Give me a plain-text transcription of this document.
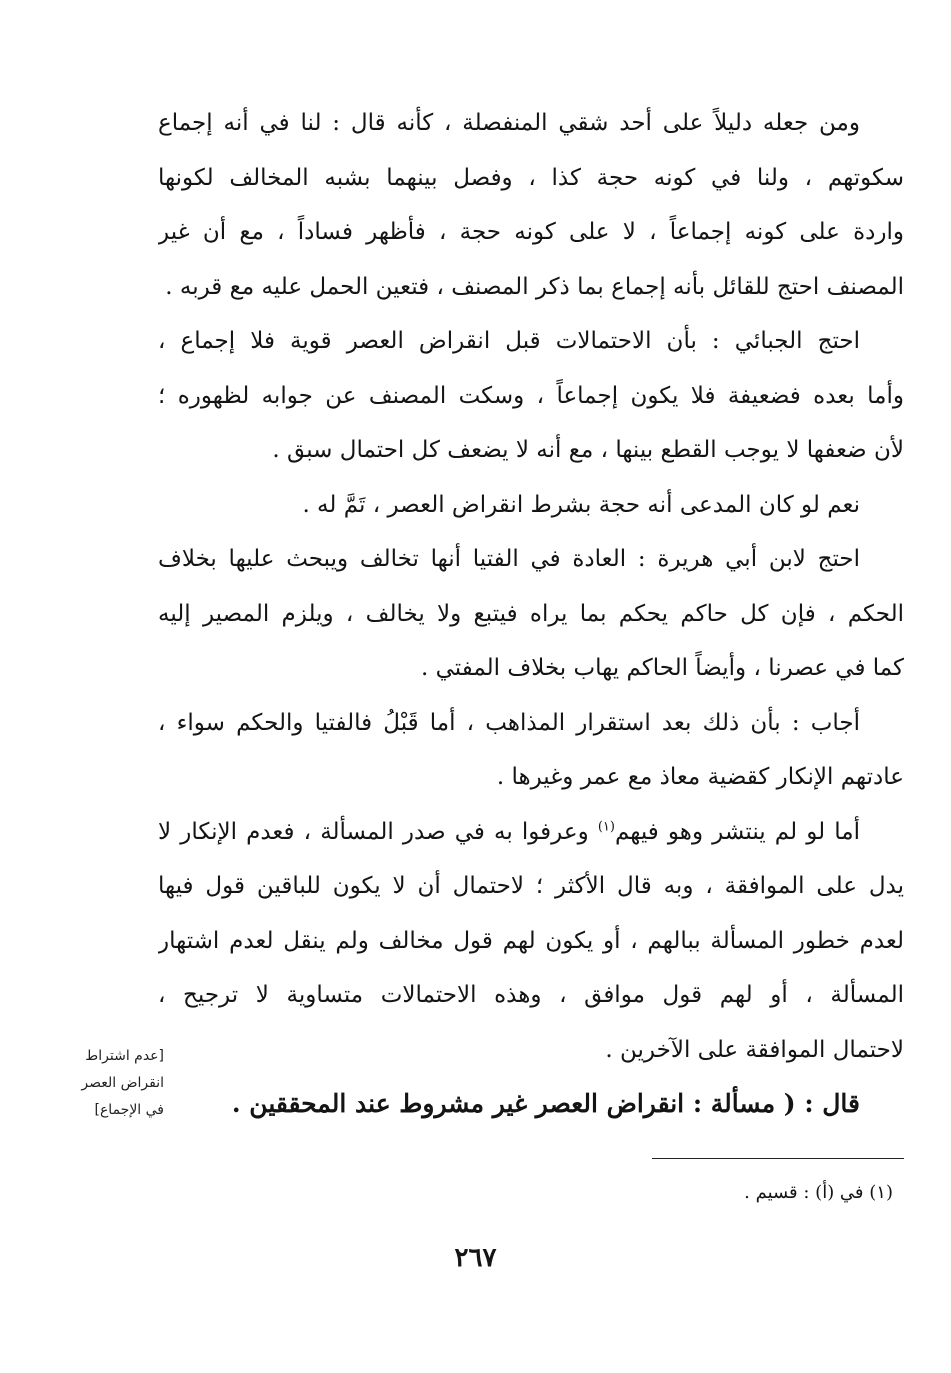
ومن جعله دليلاً على أحد شقي المنفصلة ، كأنه قال : لنا في أنه إجماع
سكوتهم ، ولنا في كونه حجة كذا ، وفصل بينهما بشبه المخالف لكونها
واردة على كونه إجماعاً ، لا على كونه حجة ، فأظهر فساداً ، مع أن غير
المصنف احتج للقائل بأنه إجماع بما ذكر المصنف ، فتعين الحمل عليه مع قربه .
احتج الجبائي : بأن الاحتمالات قبل انقراض العصر قوية فلا إجماع ،
وأما بعده فضعيفة فلا يكون إجماعاً ، وسكت المصنف عن جوابه لظهوره ؛
لأن ضعفها لا يوجب القطع بينها ، مع أنه لا يضعف كل احتمال سبق .
نعم لو كان المدعى أنه حجة بشرط انقراض العصر ، تَمَّ له .
احتج لابن أبي هريرة : العادة في الفتيا أنها تخالف ويبحث عليها بخلاف
الحكم ، فإن كل حاكم يحكم بما يراه فيتبع ولا يخالف ، ويلزم المصير إليه
كما في عصرنا ، وأيضاً الحاكم يهاب بخلاف المفتي .
أجاب : بأن ذلك بعد استقرار المذاهب ، أما قَبْلُ فالفتيا والحكم سواء ،
عادتهم الإنكار كقضية معاذ مع عمر وغيرها .
أما لو لم ينتشر وهو فيهم$^{(١)}$ وعرفوا به في صدر المسألة ، فعدم الإنكار لا
يدل على الموافقة ، وبه قال الأكثر ؛ لاحتمال أن لا يكون للباقين قول فيها
لعدم خطور المسألة ببالهم ، أو يكون لهم قول مخالف ولم ينقل لعدم اشتهار
المسألة ، أو لهم قول موافق ، وهذه الاحتمالات متساوية لا ترجيح ،
لاحتمال الموافقة على الآخرين .
قال : ( مسألة : انقراض العصر غير مشروط عند المحققين .
[عدم اشتراط
انقراض العصر
في الإجماع]
(١) في (أ) : قسيم .
٢٦٧
